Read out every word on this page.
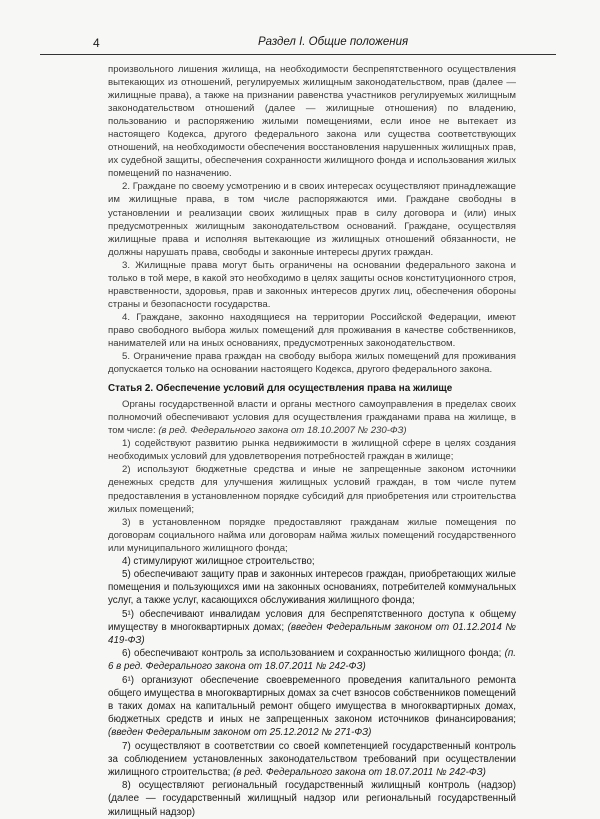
4	Раздел I. Общие положения

произвольного лишения жилища, на необходимости беспрепятственного осуществления вытекающих из отношений, регулируемых жилищным законодательством, прав (далее — жилищные права), а также на признании равенства участников регулируемых жилищным законодательством отношений (далее — жилищные отношения) по владению, пользованию и распоряжению жилыми помещениями, если иное не вытекает из настоящего Кодекса, другого федерального закона или существа соответствующих отношений, на необходимости обеспечения восстановления нарушенных жилищных прав, их судебной защиты, обеспечения сохранности жилищного фонда и использования жилых помещений по назначению.

2. Граждане по своему усмотрению и в своих интересах осуществляют принадлежащие им жилищные права, в том числе распоряжаются ими. Граждане свободны в установлении и реализации своих жилищных прав в силу договора и (или) иных предусмотренных жилищным законодательством оснований. Граждане, осуществляя жилищные права и исполняя вытекающие из жилищных отношений обязанности, не должны нарушать права, свободы и законные интересы других граждан.

3. Жилищные права могут быть ограничены на основании федерального закона и только в той мере, в какой это необходимо в целях защиты основ конституционного строя, нравственности, здоровья, прав и законных интересов других лиц, обеспечения обороны страны и безопасности государства.

4. Граждане, законно находящиеся на территории Российской Федерации, имеют право свободного выбора жилых помещений для проживания в качестве собственников, нанимателей или на иных основаниях, предусмотренных законодательством.

5. Ограничение права граждан на свободу выбора жилых помещений для проживания допускается только на основании настоящего Кодекса, другого федерального закона.

Статья 2. Обеспечение условий для осуществления права на жилище

Органы государственной власти и органы местного самоуправления в пределах своих полномочий обеспечивают условия для осуществления гражданами права на жилище, в том числе: (в ред. Федерального закона от 18.10.2007 № 230-ФЗ)

1) содействуют развитию рынка недвижимости в жилищной сфере в целях создания необходимых условий для удовлетворения потребностей граждан в жилище;

2) используют бюджетные средства и иные не запрещенные законом источники денежных средств для улучшения жилищных условий граждан, в том числе путем предоставления в установленном порядке субсидий для приобретения или строительства жилых помещений;

3) в установленном порядке предоставляют гражданам жилые помещения по договорам социального найма или договорам найма жилых помещений государственного или муниципального жилищного фонда;

4) стимулируют жилищное строительство;

5) обеспечивают защиту прав и законных интересов граждан, приобретающих жилые помещения и пользующихся ими на законных основаниях, потребителей коммунальных услуг, а также услуг, касающихся обслуживания жилищного фонда;

5¹) обеспечивают инвалидам условия для беспрепятственного доступа к общему имуществу в многоквартирных домах; (введен Федеральным законом от 01.12.2014 № 419-ФЗ)

6) обеспечивают контроль за использованием и сохранностью жилищного фонда; (п. 6 в ред. Федерального закона от 18.07.2011 № 242-ФЗ)

6¹) организуют обеспечение своевременного проведения капитального ремонта общего имущества в многоквартирных домах за счет взносов собственников помещений в таких домах на капитальный ремонт общего имущества в многоквартирных домах, бюджетных средств и иных не запрещенных законом источников финансирования; (введен Федеральным законом от 25.12.2012 № 271-ФЗ)

7) осуществляют в соответствии со своей компетенцией государственный контроль за соблюдением установленных законодательством требований при осуществлении жилищного строительства; (в ред. Федерального закона от 18.07.2011 № 242-ФЗ)

8) осуществляют региональный государственный жилищный контроль (надзор) (далее — государственный жилищный надзор или региональный государственный жилищный надзор)
